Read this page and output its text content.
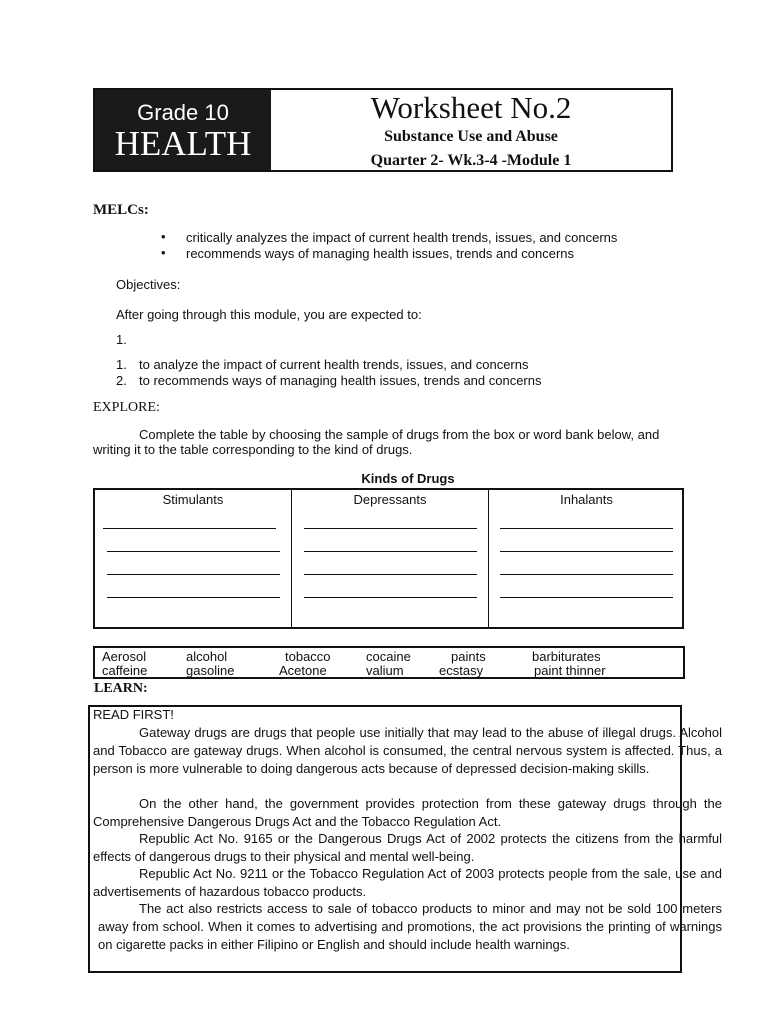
Grade 10
HEALTH
Worksheet No.2
Substance Use and Abuse
Quarter 2- Wk.3-4 -Module 1
MELCs:
• critically analyzes the impact of current health trends, issues, and concerns
• recommends ways of managing health issues, trends and concerns
Objectives:
After going through this module, you are expected to:
1.
1. to analyze the impact of current health trends, issues, and concerns
2. to recommends ways of managing health issues, trends and concerns
EXPLORE:
Complete the table by choosing the sample of drugs from the box or word bank below, and
writing it to the table corresponding to the kind of drugs.
Kinds of Drugs
Stimulants	Depressants	Inhalants
Aerosol	alcohol	tobacco	cocaine	paints	barbiturates
caffeine	gasoline	Acetone	valium	ecstasy	paint thinner
LEARN:
READ FIRST!
Gateway drugs are drugs that people use initially that may lead to the abuse of illegal drugs. Alcohol and Tobacco are gateway drugs. When alcohol is consumed, the central nervous system is affected. Thus, a person is more vulnerable to doing dangerous acts because of depressed decision-making skills.
On the other hand, the government provides protection from these gateway drugs through the Comprehensive Dangerous Drugs Act and the Tobacco Regulation Act.
Republic Act No. 9165 or the Dangerous Drugs Act of 2002 protects the citizens from the harmful effects of dangerous drugs to their physical and mental well-being.
Republic Act No. 9211 or the Tobacco Regulation Act of 2003 protects people from the sale, use and advertisements of hazardous tobacco products.
The act also restricts access to sale of tobacco products to minor and may not be sold 100 meters away from school. When it comes to advertising and promotions, the act provisions the printing of warnings on cigarette packs in either Filipino or English and should include health warnings.
